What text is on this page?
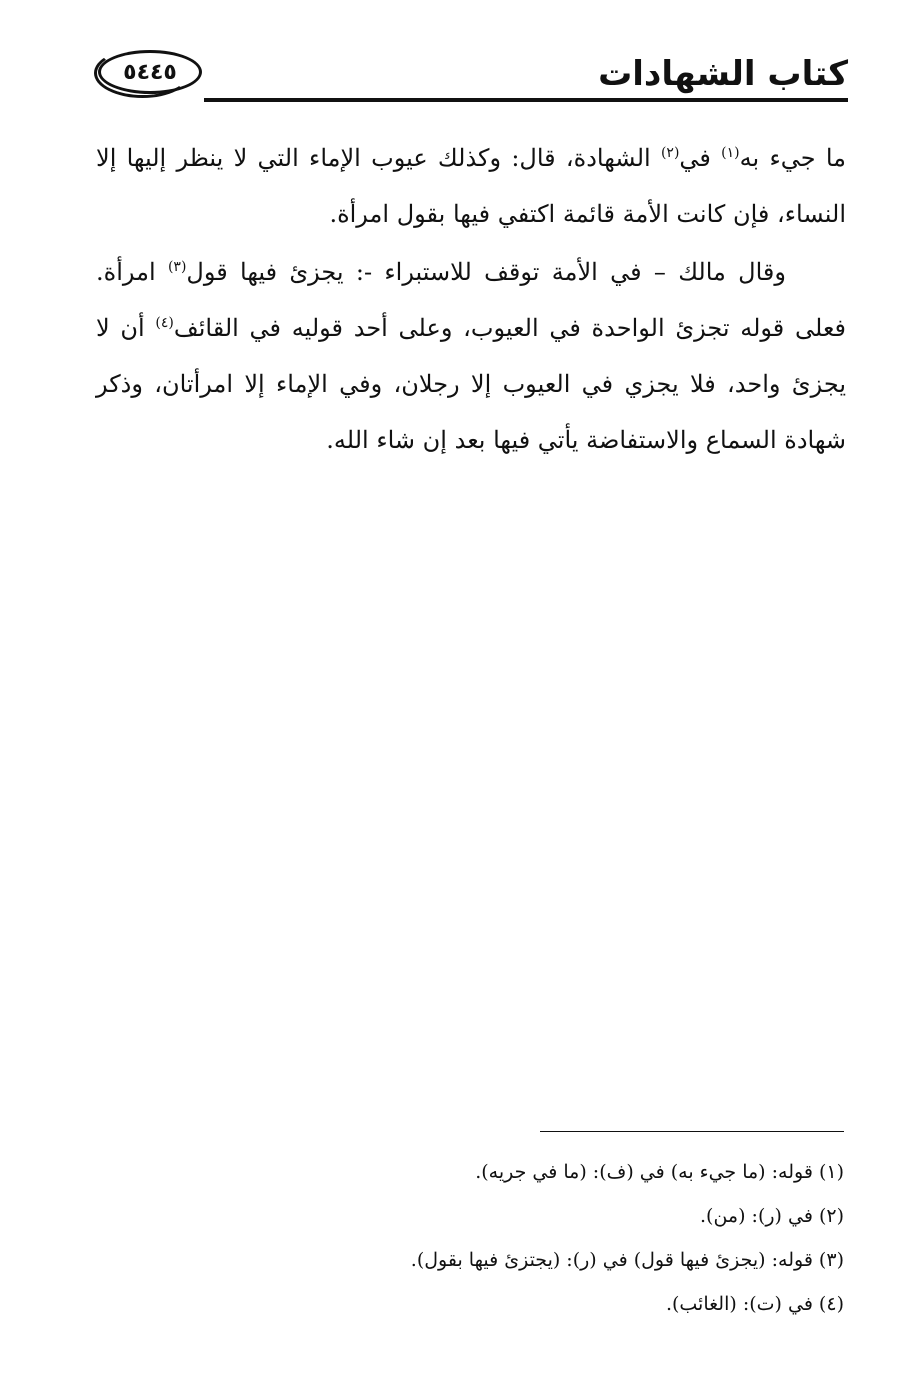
كتاب الشهادات
٥٤٤٥

ما جيء به$^{(١)}$ في$^{(٢)}$ الشهادة، قال: وكذلك عيوب الإماء التي لا ينظر إليها إلا النساء، فإن كانت الأمة قائمة اكتفي فيها بقول امرأة.

وقال مالك – في الأمة توقف للاستبراء -: يجزئ فيها قول$^{(٣)}$ امرأة. فعلى قوله تجزئ الواحدة في العيوب، وعلى أحد قوليه في القائف$^{(٤)}$ أن لا يجزئ واحد، فلا يجزي في العيوب إلا رجلان، وفي الإماء إلا امرأتان، وذكر شهادة السماع والاستفاضة يأتي فيها بعد إن شاء الله.

(١) قوله: (ما جيء به) في (ف): (ما في جريه).
(٢) في (ر): (من).
(٣) قوله: (يجزئ فيها قول) في (ر): (يجتزئ فيها بقول).
(٤) في (ت): (الغائب).
